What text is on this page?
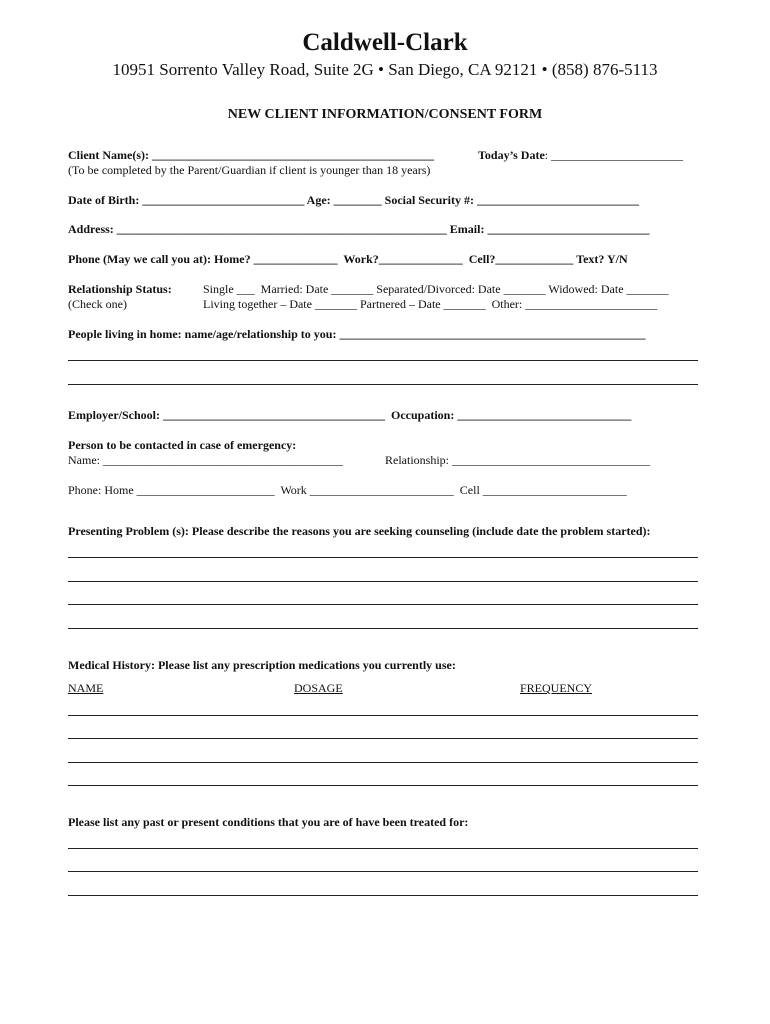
Caldwell-Clark
10951 Sorrento Valley Road, Suite 2G • San Diego, CA 92121 • (858) 876-5113
NEW CLIENT INFORMATION/CONSENT FORM
Client Name(s): _______________________________________________	Today’s Date: ______________________
(To be completed by the Parent/Guardian if client is younger than 18 years)
Date of Birth: ___________________________ Age: ________ Social Security #: ___________________________
Address: _______________________________________________________ Email: ___________________________
Phone (May we call you at): Home? ______________  Work?______________  Cell?_____________ Text? Y/N
Relationship Status:
(Check one)
Single ___  Married: Date _______ Separated/Divorced: Date _______ Widowed: Date _______
Living together – Date _______ Partnered – Date _______  Other: ______________________
People living in home: name/age/relationship to you: ___________________________________________________
Employer/School: _____________________________________  Occupation: _____________________________
Person to be contacted in case of emergency:
Name: ________________________________________	Relationship: _________________________________
Phone: Home _______________________  Work ________________________  Cell ________________________
Presenting Problem (s): Please describe the reasons you are seeking counseling (include date the problem started):
Medical History: Please list any prescription medications you currently use:
NAME	DOSAGE	FREQUENCY
Please list any past or present conditions that you are of have been treated for:
